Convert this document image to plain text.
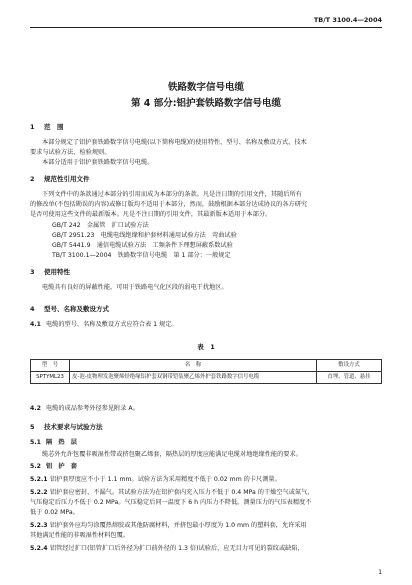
TB/T 3100.4—2004
铁路数字信号电缆
第 4 部分:铝护套铁路数字信号电缆
1 范　围
本部分规定了铝护套铁路数字信号电缆(以下简称电缆)的使用特性、型号、名称及敷设方式，技术
要求与试验方法、检验规则。
本部分适用于铝护套铁路数字信号电缆。
2 规范性引用文件
下列文件中的条款通过本部分的引用而成为本部分的条款。凡是注日期的引用文件，其随后所有
的修改单(不包括勘误的内容)或修订版均不适用于本部分，然而，鼓励根据本部分达成协议的各方研究
是否可使用这些文件的最新版本。凡是不注日期的引用文件，其最新版本适用于本部分。
GB/T 242　金属管　扩口试验方法
GB/T 2951.23　电缆电线绝缘和护套材料通用试验方法　弯曲试验
GB/T 5441.9　通信电缆试验方法　工频条件下理想屏蔽系数试验
TB/T 3100.1—2004　铁路数字信号电缆　第 1 部分：一般规定
3 使用特性
电缆具有良好的屏蔽性能，可用于铁路电气化区段的弱电干扰地区。
4 型号、名称及敷设方式
4.1 电缆的型号、名称及敷设方式应符合表 1 规定。
表　1
型　号	名　称	敷设方式
SPTYML23	皮-泡-皮物理发泡聚烯烃绝缘铝护套双钢带铠装聚乙烯外护套铁路数字信号电缆	直埋、管道、悬挂
4.2 电缆的成品参考外径参见附录 A。
5 技术要求与试验方法
5.1 隔　热　层
缆芯外允许包覆非吸湿性带或挤包聚乙烯套，隔热层的厚度应能满足电缆对地绝缘性能的要求。
5.2 铝　护　套
5.2.1 铝护套厚度应不小于 1.1 mm。试验方法为采用精度不低于 0.02 mm 的卡尺测量。
5.2.2 铝护套应密封，不漏气。其试验方法为在铝护套内充入压力不低于 0.4 MPa 的干燥空气或氮气，
气压稳定后压力不低于 0.2 MPa。气压稳定后同一温度下 6 h 内压力不降低。测量压力的气压表精度不
低于 0.02 MPa。
5.2.3 铝护套外应均匀涂覆热熔胶或其他防腐材料，并挤包最小厚度为 1.0 mm 的塑料套，允许采用
其他满足性能的非吸湿性材料包覆。
5.2.4 铝管经过扩口(铝管扩口后外径为扩口前外径的 1.3 倍)试验后，应无目力可见的裂纹或缺陷，
1
